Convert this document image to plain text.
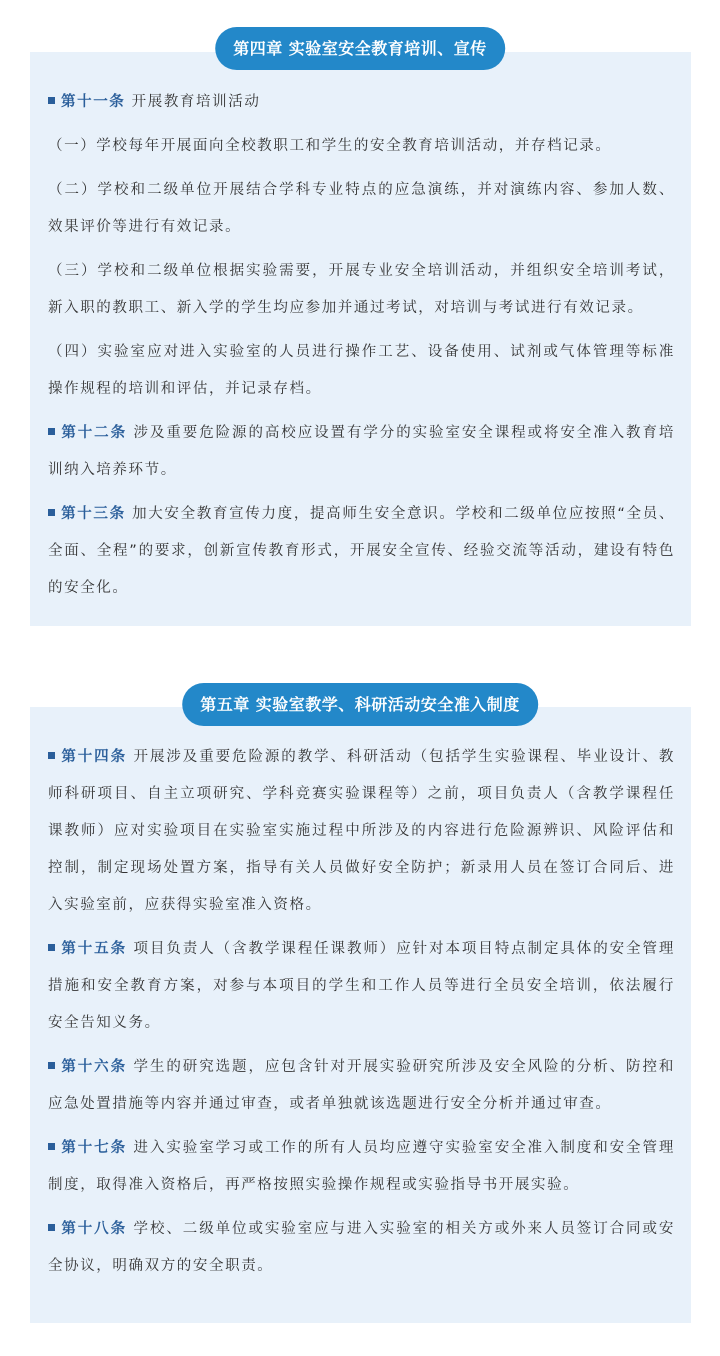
第十一条 开展教育培训活动

（一）学校每年开展面向全校教职工和学生的安全教育培训活动，并存档记录。

（二）学校和二级单位开展结合学科专业特点的应急演练，并对演练内容、参加人数、效果评价等进行有效记录。

（三）学校和二级单位根据实验需要，开展专业安全培训活动，并组织安全培训考试，新入职的教职工、新入学的学生均应参加并通过考试，对培训与考试进行有效记录。

（四）实验室应对进入实验室的人员进行操作工艺、设备使用、试剂或气体管理等标准操作规程的培训和评估，并记录存档。

第十二条 涉及重要危险源的高校应设置有学分的实验室安全课程或将安全准入教育培训纳入培养环节。

第十三条 加大安全教育宣传力度，提高师生安全意识。学校和二级单位应按照“全员、全面、全程”的要求，创新宣传教育形式，开展安全宣传、经验交流等活动，建设有特色的安全化。

第四章 实验室安全教育培训、宣传

第十四条 开展涉及重要危险源的教学、科研活动（包括学生实验课程、毕业设计、教师科研项目、自主立项研究、学科竞赛实验课程等）之前，项目负责人（含教学课程任课教师）应对实验项目在实验室实施过程中所涉及的内容进行危险源辨识、风险评估和控制，制定现场处置方案，指导有关人员做好安全防护；新录用人员在签订合同后、进入实验室前，应获得实验室准入资格。

第十五条 项目负责人（含教学课程任课教师）应针对本项目特点制定具体的安全管理措施和安全教育方案，对参与本项目的学生和工作人员等进行全员安全培训，依法履行安全告知义务。

第十六条 学生的研究选题，应包含针对开展实验研究所涉及安全风险的分析、防控和应急处置措施等内容并通过审查，或者单独就该选题进行安全分析并通过审查。

第十七条 进入实验室学习或工作的所有人员均应遵守实验室安全准入制度和安全管理制度，取得准入资格后，再严格按照实验操作规程或实验指导书开展实验。

第十八条 学校、二级单位或实验室应与进入实验室的相关方或外来人员签订合同或安全协议，明确双方的安全职责。

第五章 实验室教学、科研活动安全准入制度
